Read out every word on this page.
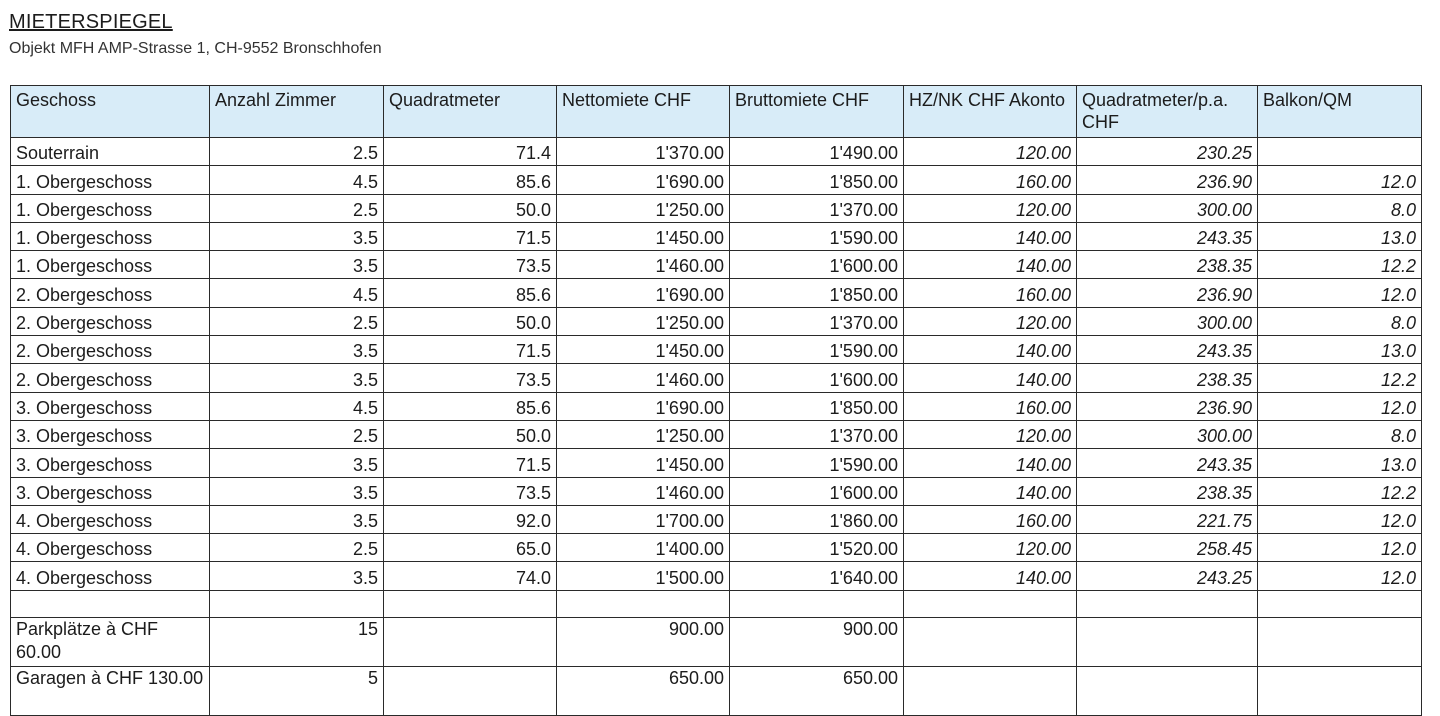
MIETERSPIEGEL
Objekt MFH AMP-Strasse 1, CH-9552 Bronschhofen
Geschoss	Anzahl Zimmer	Quadratmeter	Nettomiete CHF	Bruttomiete CHF	HZ/NK CHF Akonto	Quadratmeter/p.a. CHF	Balkon/QM
Souterrain	2.5	71.4	1'370.00	1'490.00	120.00	230.25	
1. Obergeschoss	4.5	85.6	1'690.00	1'850.00	160.00	236.90	12.0
1. Obergeschoss	2.5	50.0	1'250.00	1'370.00	120.00	300.00	8.0
1. Obergeschoss	3.5	71.5	1'450.00	1'590.00	140.00	243.35	13.0
1. Obergeschoss	3.5	73.5	1'460.00	1'600.00	140.00	238.35	12.2
2. Obergeschoss	4.5	85.6	1'690.00	1'850.00	160.00	236.90	12.0
2. Obergeschoss	2.5	50.0	1'250.00	1'370.00	120.00	300.00	8.0
2. Obergeschoss	3.5	71.5	1'450.00	1'590.00	140.00	243.35	13.0
2. Obergeschoss	3.5	73.5	1'460.00	1'600.00	140.00	238.35	12.2
3. Obergeschoss	4.5	85.6	1'690.00	1'850.00	160.00	236.90	12.0
3. Obergeschoss	2.5	50.0	1'250.00	1'370.00	120.00	300.00	8.0
3. Obergeschoss	3.5	71.5	1'450.00	1'590.00	140.00	243.35	13.0
3. Obergeschoss	3.5	73.5	1'460.00	1'600.00	140.00	238.35	12.2
4. Obergeschoss	3.5	92.0	1'700.00	1'860.00	160.00	221.75	12.0
4. Obergeschoss	2.5	65.0	1'400.00	1'520.00	120.00	258.45	12.0
4. Obergeschoss	3.5	74.0	1'500.00	1'640.00	140.00	243.25	12.0

Parkplätze à CHF 60.00	15		900.00	900.00			
Garagen à CHF 130.00	5		650.00	650.00			
